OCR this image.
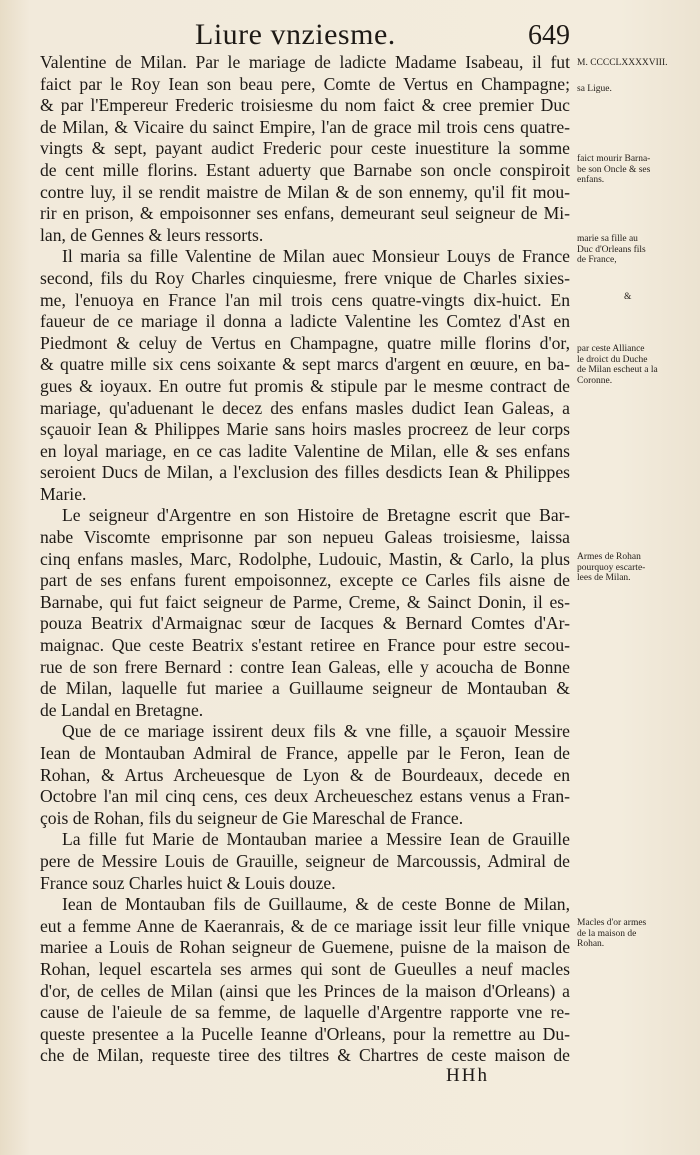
Liure vnziesme.	649
Valentine de Milan. Par le mariage de ladicte Madame Isabeau, il fut
faict par le Roy Iean son beau pere, Comte de Vertus en Champagne;
& par l'Empereur Frederic troisiesme du nom faict & cree premier Duc
de Milan, & Vicaire du sainct Empire, l'an de grace mil trois cens quatre-
vingts & sept, payant audict Frederic pour ceste inuestiture la somme
de cent mille florins. Estant aduerty que Barnabe son oncle conspiroit
contre luy, il se rendit maistre de Milan & de son ennemy, qu'il fit mou-
rir en prison, & empoisonner ses enfans, demeurant seul seigneur de Mi-
lan, de Gennes & leurs ressorts.
Il maria sa fille Valentine de Milan auec Monsieur Louys de France
second, fils du Roy Charles cinquiesme, frere vnique de Charles sixies-
me, l'enuoya en France l'an mil trois cens quatre-vingts dix-huict. En
faueur de ce mariage il donna a ladicte Valentine les Comtez d'Ast en
Piedmont & celuy de Vertus en Champagne, quatre mille florins d'or,
& quatre mille six cens soixante & sept marcs d'argent en œuure, en ba-
gues & ioyaux. En outre fut promis & stipule par le mesme contract de
mariage, qu'aduenant le decez des enfans masles dudict Iean Galeas, a
sçauoir Iean & Philippes Marie sans hoirs masles procreez de leur corps
en loyal mariage, en ce cas ladite Valentine de Milan, elle & ses enfans
seroient Ducs de Milan, a l'exclusion des filles desdicts Iean & Philippes
Marie.
Le seigneur d'Argentre en son Histoire de Bretagne escrit que Bar-
nabe Viscomte emprisonne par son nepueu Galeas troisiesme, laissa
cinq enfans masles, Marc, Rodolphe, Ludouic, Mastin, & Carlo, la plus
part de ses enfans furent empoisonnez, excepte ce Carles fils aisne de
Barnabe, qui fut faict seigneur de Parme, Creme, & Sainct Donin, il es-
pouza Beatrix d'Armaignac sœur de Iacques & Bernard Comtes d'Ar-
maignac. Que ceste Beatrix s'estant retiree en France pour estre secou-
rue de son frere Bernard : contre Iean Galeas, elle y acoucha de Bonne
de Milan, laquelle fut mariee a Guillaume seigneur de Montauban &
de Landal en Bretagne.
Que de ce mariage issirent deux fils & vne fille, a sçauoir Messire
Iean de Montauban Admiral de France, appelle par le Feron, Iean de
Rohan, & Artus Archeuesque de Lyon & de Bourdeaux, decede en
Octobre l'an mil cinq cens, ces deux Archeueschez estans venus a Fran-
çois de Rohan, fils du seigneur de Gie Mareschal de France.
La fille fut Marie de Montauban mariee a Messire Iean de Grauille
pere de Messire Louis de Grauille, seigneur de Marcoussis, Admiral de
France souz Charles huict & Louis douze.
Iean de Montauban fils de Guillaume, & de ceste Bonne de Milan,
eut a femme Anne de Kaeranrais, & de ce mariage issit leur fille vnique
mariee a Louis de Rohan seigneur de Guemene, puisne de la maison de
Rohan, lequel escartela ses armes qui sont de Gueulles a neuf macles
d'or, de celles de Milan (ainsi que les Princes de la maison d'Orleans) a
cause de l'aieule de sa femme, de laquelle d'Argentre rapporte vne re-
queste presentee a la Pucelle Ieanne d'Orleans, pour la remettre au Du-
che de Milan, requeste tiree des tiltres & Chartres de ceste maison de
M. CCCCLXXXXVIII.
sa Ligue.
faict mourir Barna-
be son Oncle & ses
enfans.
marie sa fille au
Duc d'Orleans fils
de France,
&
par ceste Alliance
le droict du Duche
de Milan escheut a la
Coronne.
Armes de Rohan
pourquoy escarte-
lees de Milan.
Macles d'or armes
de la maison de
Rohan.
HHh
